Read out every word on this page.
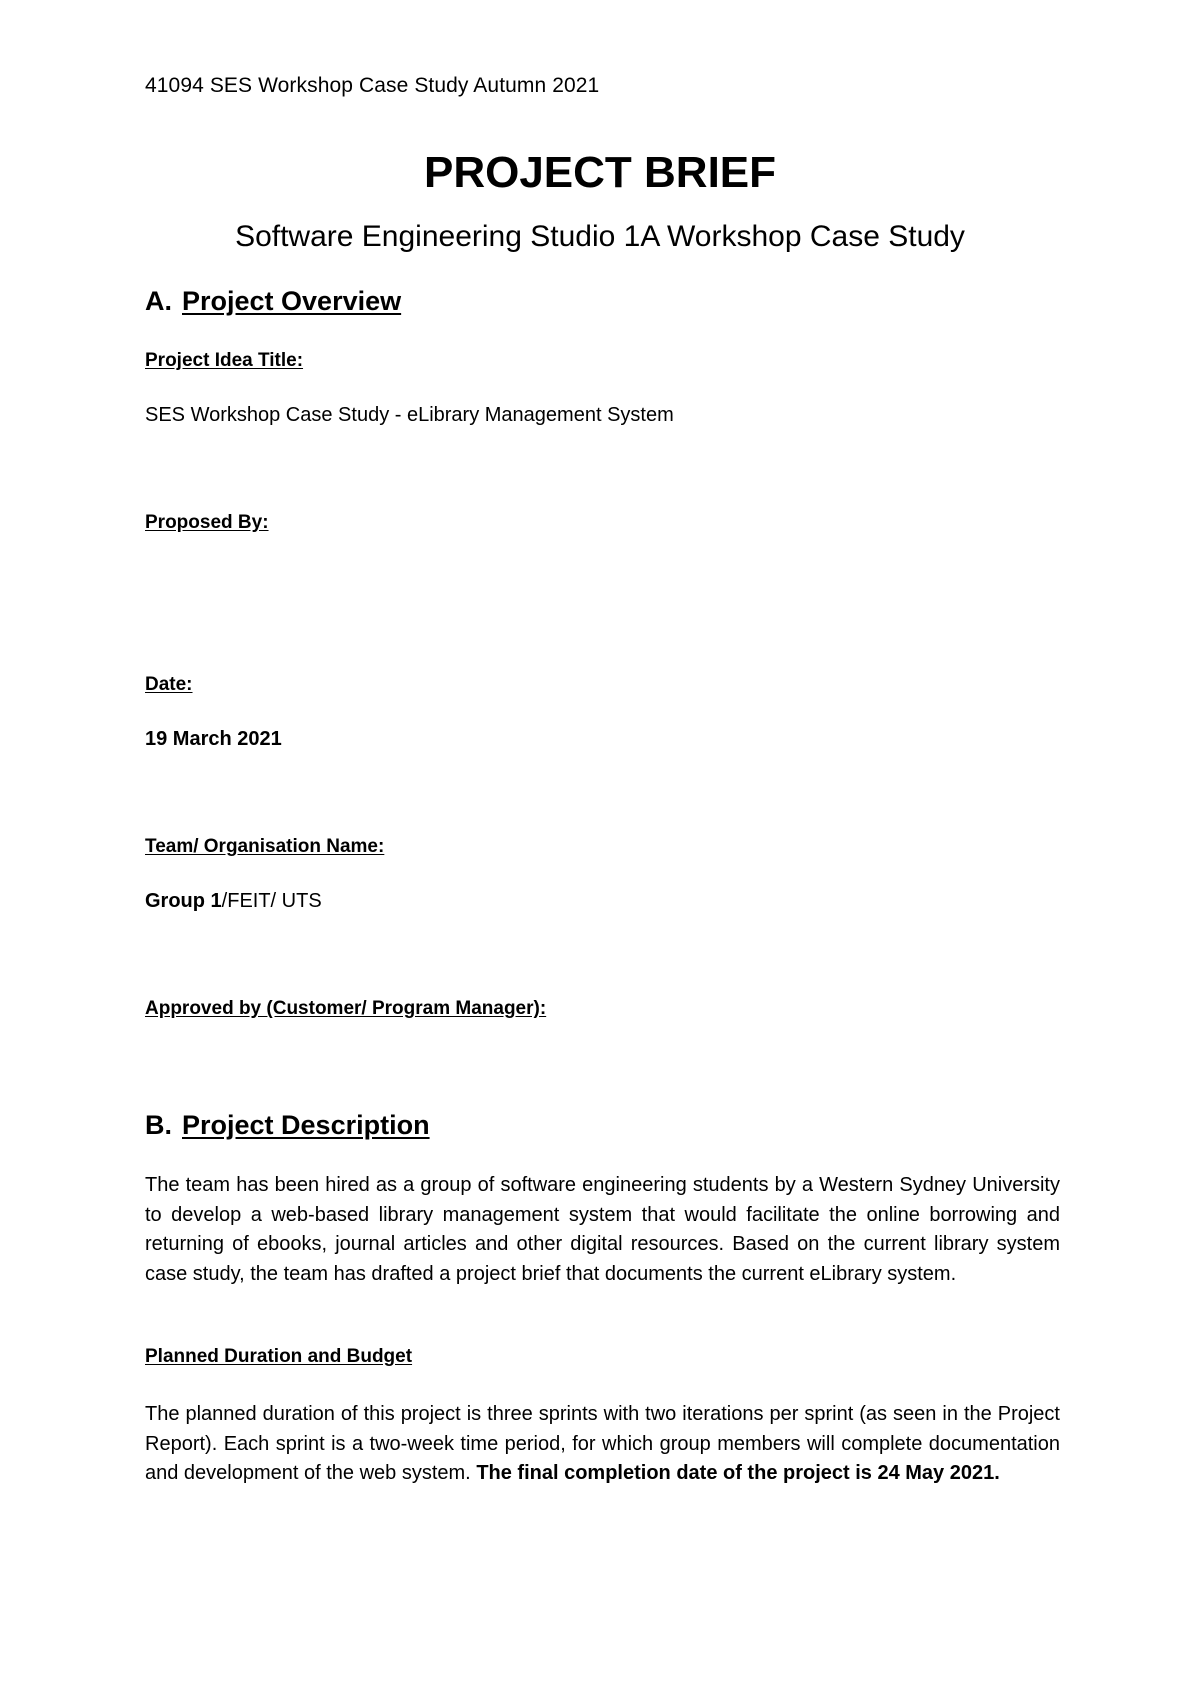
41094 SES Workshop Case Study Autumn 2021
PROJECT BRIEF
Software Engineering Studio 1A Workshop Case Study
A. Project Overview
Project Idea Title:
SES Workshop Case Study - eLibrary Management System
Proposed By:
Date:
19 March 2021
Team/ Organisation Name:
Group 1/FEIT/ UTS
Approved by (Customer/ Program Manager):
B. Project Description
The team has been hired as a group of software engineering students by a Western Sydney University to develop a web-based library management system that would facilitate the online borrowing and returning of ebooks, journal articles and other digital resources. Based on the current library system case study, the team has drafted a project brief that documents the current eLibrary system.
Planned Duration and Budget
The planned duration of this project is three sprints with two iterations per sprint (as seen in the Project Report). Each sprint is a two-week time period, for which group members will complete documentation and development of the web system. The final completion date of the project is 24 May 2021.
